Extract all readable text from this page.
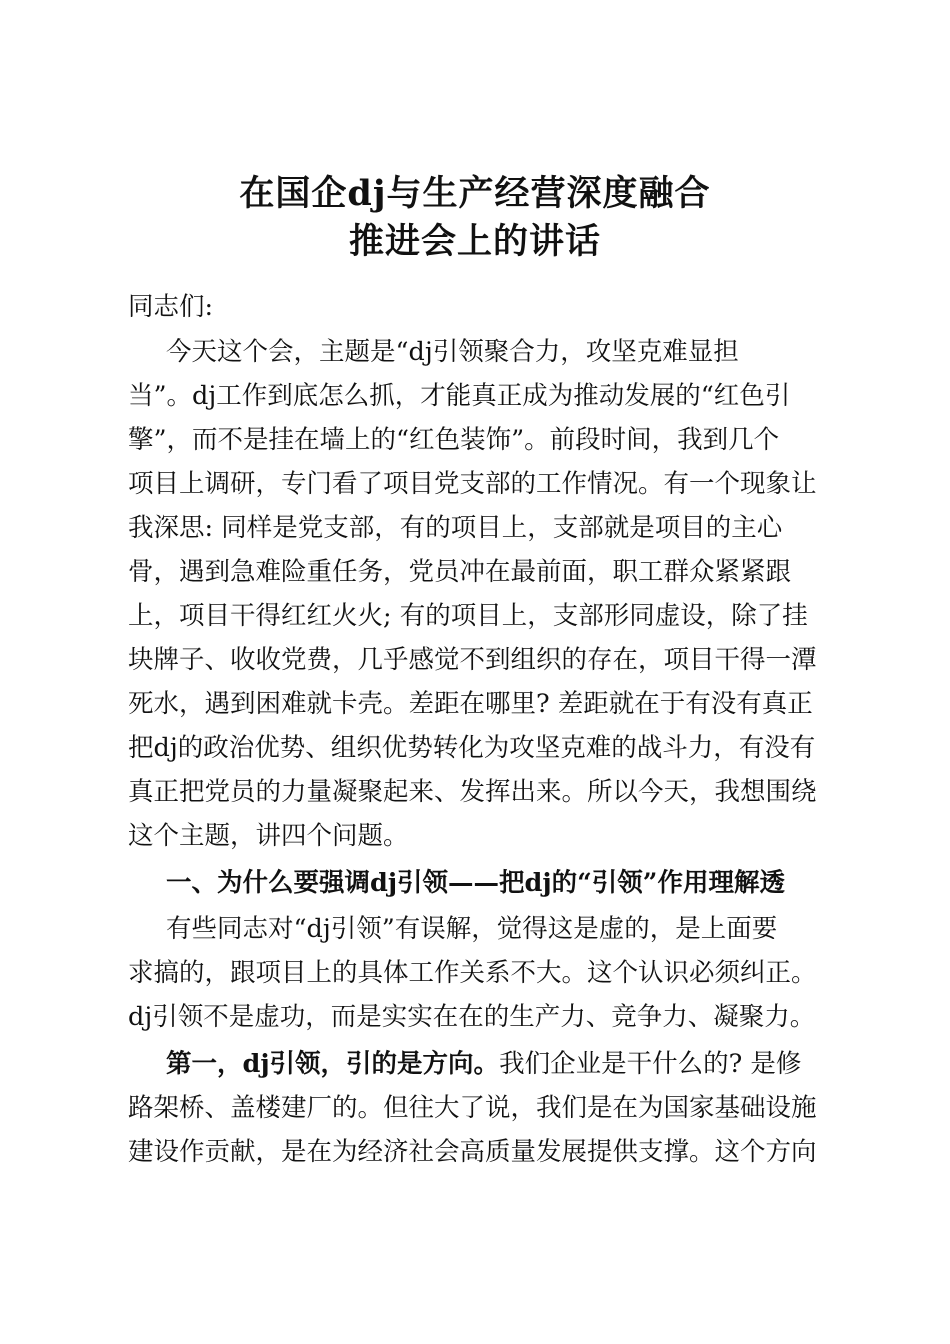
在国企dj与生产经营深度融合
推进会上的讲话
同志们:
今天这个会，主题是“dj引领聚合力，攻坚克难显担
当”。dj工作到底怎么抓，才能真正成为推动发展的“红色引
擎”，而不是挂在墙上的“红色装饰”。前段时间，我到几个
项目上调研，专门看了项目党支部的工作情况。有一个现象让
我深思: 同样是党支部，有的项目上，支部就是项目的主心
骨，遇到急难险重任务，党员冲在最前面，职工群众紧紧跟
上，项目干得红红火火; 有的项目上，支部形同虚设，除了挂
块牌子、收收党费，几乎感觉不到组织的存在，项目干得一潭
死水，遇到困难就卡壳。差距在哪里? 差距就在于有没有真正
把dj的政治优势、组织优势转化为攻坚克难的战斗力，有没有
真正把党员的力量凝聚起来、发挥出来。所以今天，我想围绕
这个主题，讲四个问题。
一、为什么要强调dj引领——把dj的“引领”作用理解透
有些同志对“dj引领”有误解，觉得这是虚的，是上面要
求搞的，跟项目上的具体工作关系不大。这个认识必须纠正。
dj引领不是虚功，而是实实在在的生产力、竞争力、凝聚力。
第一，dj引领，引的是方向。我们企业是干什么的? 是修
路架桥、盖楼建厂的。但往大了说，我们是在为国家基础设施
建设作贡献，是在为经济社会高质量发展提供支撑。这个方向
